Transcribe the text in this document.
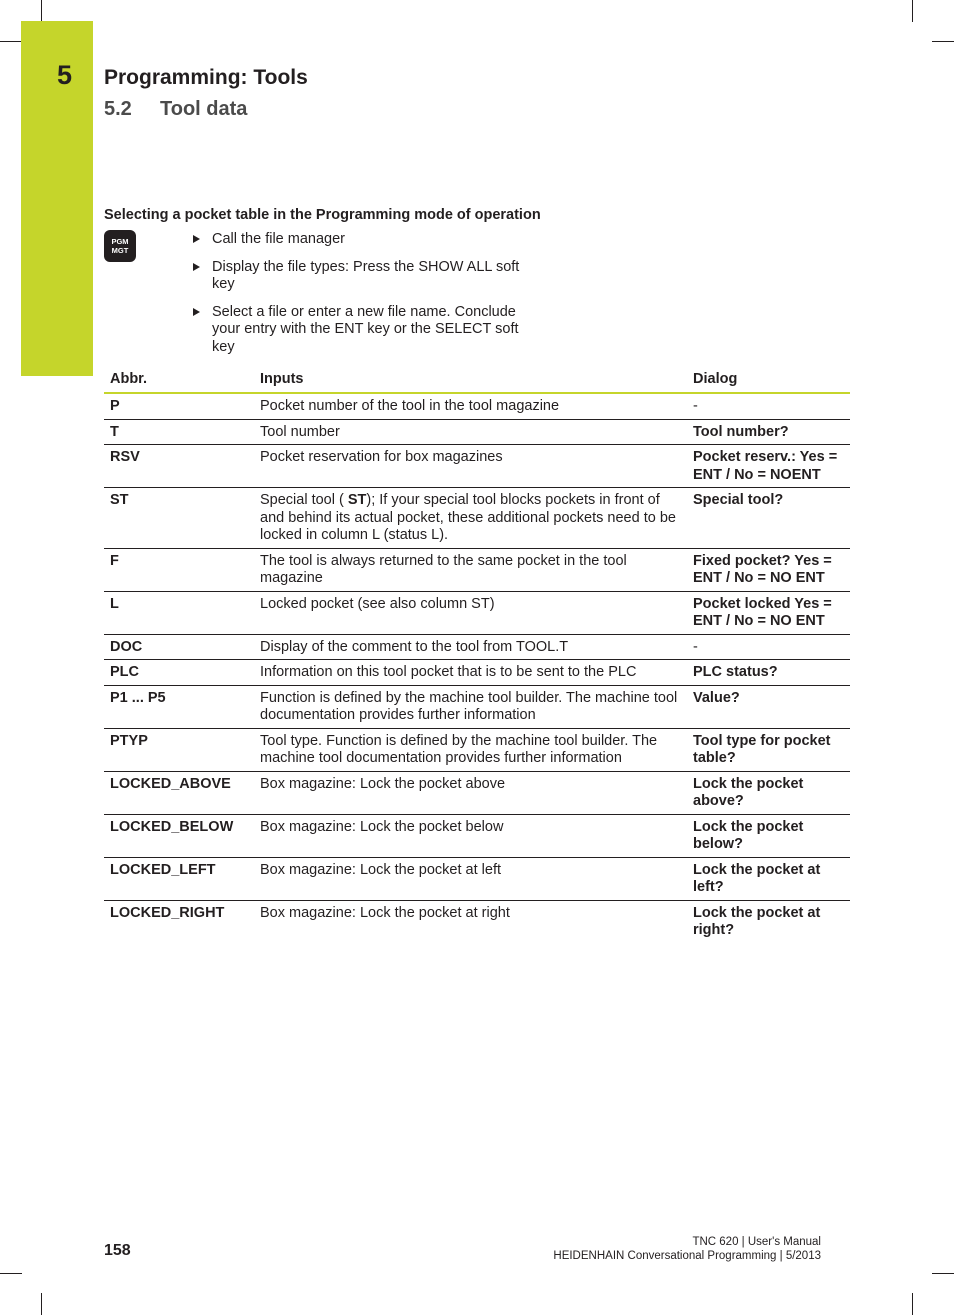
5	Programming: Tools
5.2 Tool data
Selecting a pocket table in the Programming mode of operation
PGM
MGT
Call the file manager
Display the file types: Press the SHOW ALL soft key
Select a file or enter a new file name. Conclude your entry with the ENT key or the SELECT soft key
Abbr.	Inputs	Dialog
P	Pocket number of the tool in the tool magazine	-
T	Tool number	Tool number?
RSV	Pocket reservation for box magazines	Pocket reserv.: Yes = ENT / No = NOENT
ST	Special tool ( ST); If your special tool blocks pockets in front of and behind its actual pocket, these additional pockets need to be locked in column L (status L).	Special tool?
F	The tool is always returned to the same pocket in the tool magazine	Fixed pocket? Yes = ENT / No = NO ENT
L	Locked pocket (see also column ST)	Pocket locked Yes = ENT / No = NO ENT
DOC	Display of the comment to the tool from TOOL.T	-
PLC	Information on this tool pocket that is to be sent to the PLC	PLC status?
P1 ... P5	Function is defined by the machine tool builder. The machine tool documentation provides further information	Value?
PTYP	Tool type. Function is defined by the machine tool builder. The machine tool documentation provides further information	Tool type for pocket table?
LOCKED_ABOVE	Box magazine: Lock the pocket above	Lock the pocket above?
LOCKED_BELOW	Box magazine: Lock the pocket below	Lock the pocket below?
LOCKED_LEFT	Box magazine: Lock the pocket at left	Lock the pocket at left?
LOCKED_RIGHT	Box magazine: Lock the pocket at right	Lock the pocket at right?
158	TNC 620 | User's Manual
HEIDENHAIN Conversational Programming | 5/2013
